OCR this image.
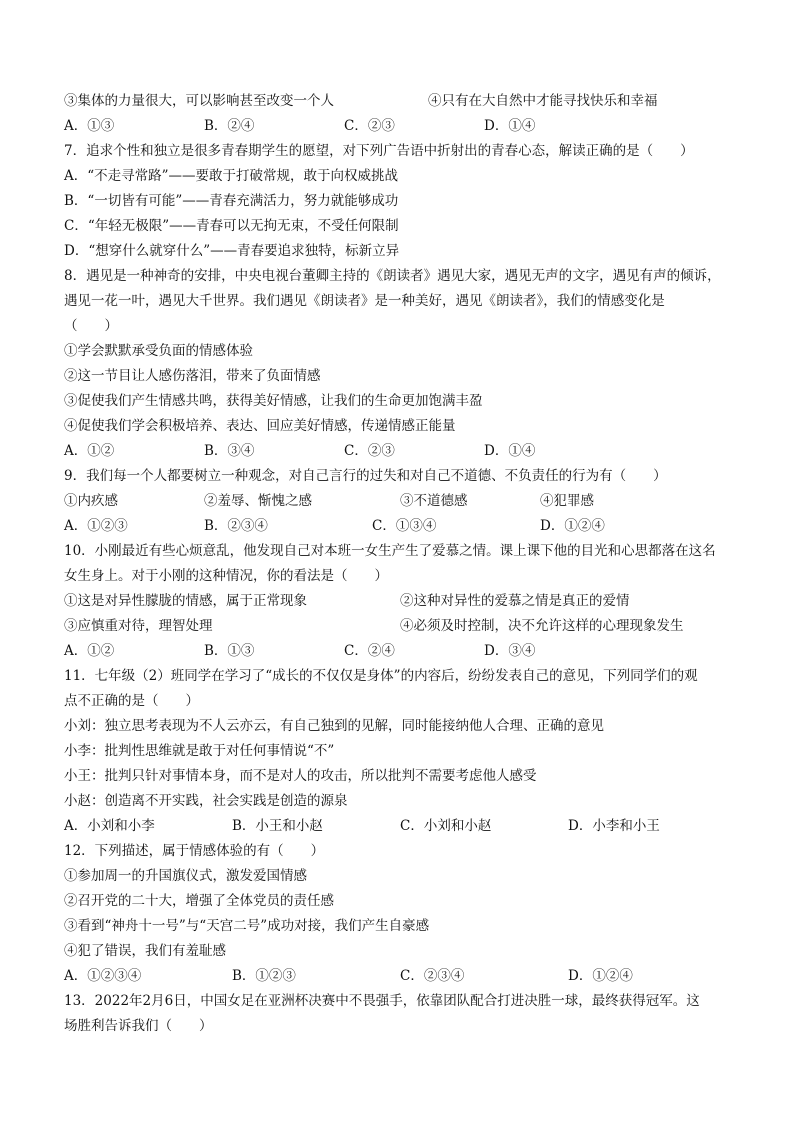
③集体的力量很大，可以影响甚至改变一个人	④只有在大自然中才能寻找快乐和幸福
A．①③	B．②④	C．②③	D．①④
7．追求个性和独立是很多青春期学生的愿望，对下列广告语中折射出的青春心态，解读正确的是（　　）
A．“不走寻常路”——要敢于打破常规，敢于向权威挑战
B．“一切皆有可能”——青春充满活力，努力就能够成功
C．“年轻无极限”——青春可以无拘无束，不受任何限制
D．“想穿什么就穿什么”——青春要追求独特，标新立异
8．遇见是一种神奇的安排，中央电视台董卿主持的《朗读者》遇见大家，遇见无声的文字，遇见有声的倾诉，
遇见一花一叶，遇见大千世界。我们遇见《朗读者》是一种美好，遇见《朗读者》，我们的情感变化是
（　　）
①学会默默承受负面的情感体验
②这一节目让人感伤落泪，带来了负面情感
③促使我们产生情感共鸣，获得美好情感，让我们的生命更加饱满丰盈
④促使我们学会积极培养、表达、回应美好情感，传递情感正能量
A．①②	B．③④	C．②③	D．①④
9．我们每一个人都要树立一种观念，对自己言行的过失和对自己不道德、不负责任的行为有（　　）
①内疚感	②羞辱、惭愧之感	③不道德感	④犯罪感
A．①②③	B．②③④	C．①③④	D．①②④
10．小刚最近有些心烦意乱，他发现自己对本班一女生产生了爱慕之情。课上课下他的目光和心思都落在这名
女生身上。对于小刚的这种情况，你的看法是（　　）
①这是对异性朦胧的情感，属于正常现象	②这种对异性的爱慕之情是真正的爱情
③应慎重对待，理智处理	④必须及时控制，决不允许这样的心理现象发生
A．①②	B．①③	C．②④	D．③④
11．七年级（2）班同学在学习了“成长的不仅仅是身体”的内容后，纷纷发表自己的意见，下列同学们的观
点不正确的是（　　）
小刘：独立思考表现为不人云亦云，有自己独到的见解，同时能接纳他人合理、正确的意见
小李：批判性思维就是敢于对任何事情说“不”
小王：批判只针对事情本身，而不是对人的攻击，所以批判不需要考虑他人感受
小赵：创造离不开实践，社会实践是创造的源泉
A．小刘和小李	B．小王和小赵	C．小刘和小赵	D．小李和小王
12．下列描述，属于情感体验的有（　　）
①参加周一的升国旗仪式，激发爱国情感
②召开党的二十大，增强了全体党员的责任感
③看到“神舟十一号”与“天宫二号”成功对接，我们产生自豪感
④犯了错误，我们有羞耻感
A．①②③④	B．①②③	C．②③④	D．①②④
13．2022年2月6日，中国女足在亚洲杯决赛中不畏强手，依靠团队配合打进决胜一球，最终获得冠军。这
场胜利告诉我们（　　）
